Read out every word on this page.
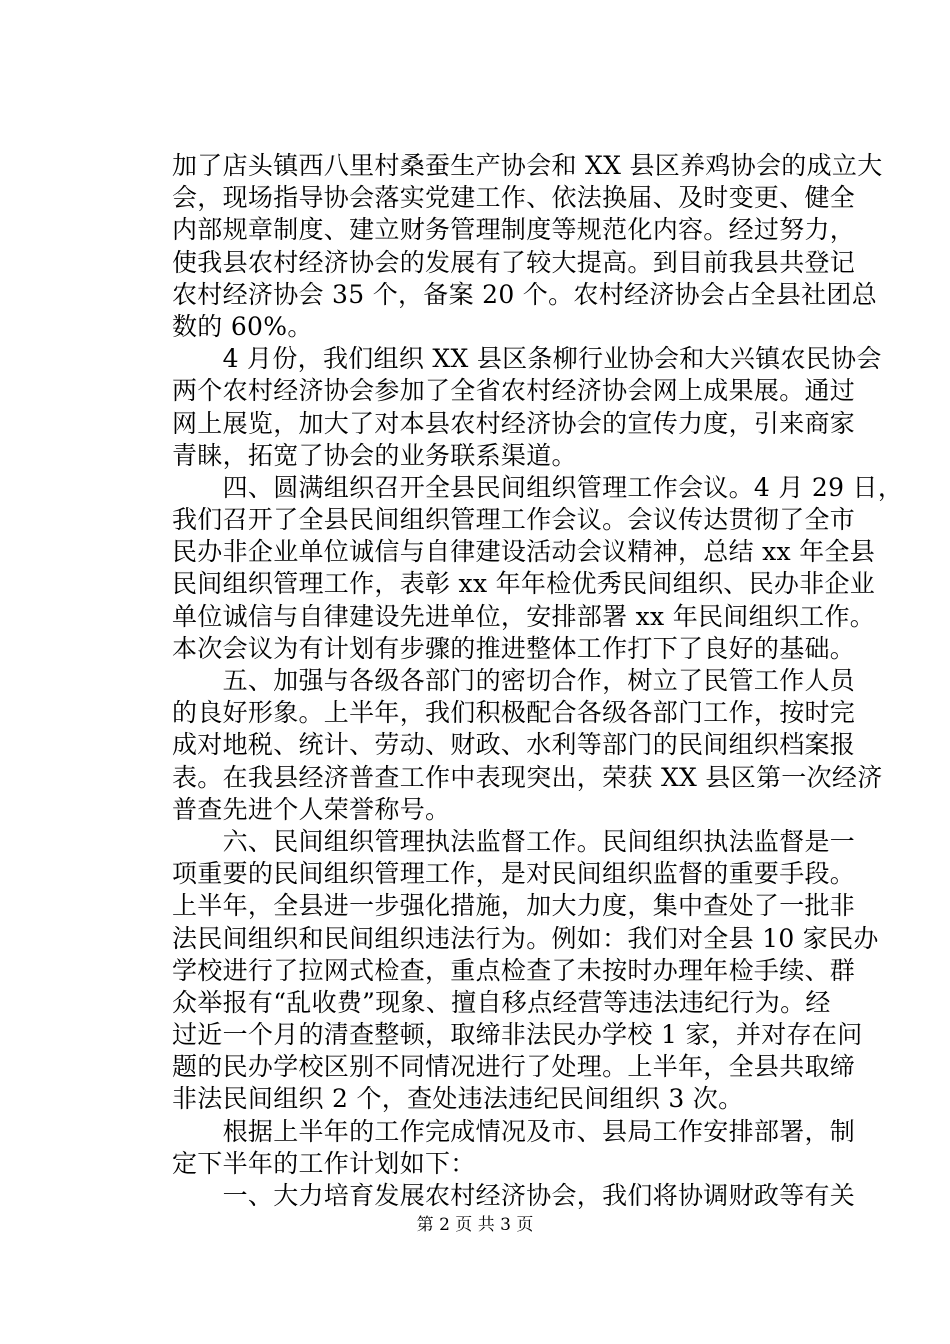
加了店头镇西八里村桑蚕生产协会和 XX 县区养鸡协会的成立大
会，现场指导协会落实党建工作、依法换届、及时变更、健全
内部规章制度、建立财务管理制度等规范化内容。经过努力，
使我县农村经济协会的发展有了较大提高。到目前我县共登记
农村经济协会 35 个，备案 20 个。农村经济协会占全县社团总
数的 60%。
　　4 月份，我们组织 XX 县区条柳行业协会和大兴镇农民协会
两个农村经济协会参加了全省农村经济协会网上成果展。通过
网上展览，加大了对本县农村经济协会的宣传力度，引来商家
青睐，拓宽了协会的业务联系渠道。
　　四、圆满组织召开全县民间组织管理工作会议。4 月 29 日，
我们召开了全县民间组织管理工作会议。会议传达贯彻了全市
民办非企业单位诚信与自律建设活动会议精神，总结 xx 年全县
民间组织管理工作，表彰 xx 年年检优秀民间组织、民办非企业
单位诚信与自律建设先进单位，安排部署 xx 年民间组织工作。
本次会议为有计划有步骤的推进整体工作打下了良好的基础。
　　五、加强与各级各部门的密切合作，树立了民管工作人员
的良好形象。上半年，我们积极配合各级各部门工作，按时完
成对地税、统计、劳动、财政、水利等部门的民间组织档案报
表。在我县经济普查工作中表现突出，荣获 XX 县区第一次经济
普查先进个人荣誉称号。
　　六、民间组织管理执法监督工作。民间组织执法监督是一
项重要的民间组织管理工作，是对民间组织监督的重要手段。
上半年，全县进一步强化措施，加大力度，集中查处了一批非
法民间组织和民间组织违法行为。例如：我们对全县 10 家民办
学校进行了拉网式检查，重点检查了未按时办理年检手续、群
众举报有“乱收费”现象、擅自移点经营等违法违纪行为。经
过近一个月的清查整顿，取缔非法民办学校 1 家，并对存在问
题的民办学校区别不同情况进行了处理。上半年，全县共取缔
非法民间组织 2 个，查处违法违纪民间组织 3 次。
　　根据上半年的工作完成情况及市、县局工作安排部署，制
定下半年的工作计划如下：
　　一、大力培育发展农村经济协会，我们将协调财政等有关
第 2 页 共 3 页
